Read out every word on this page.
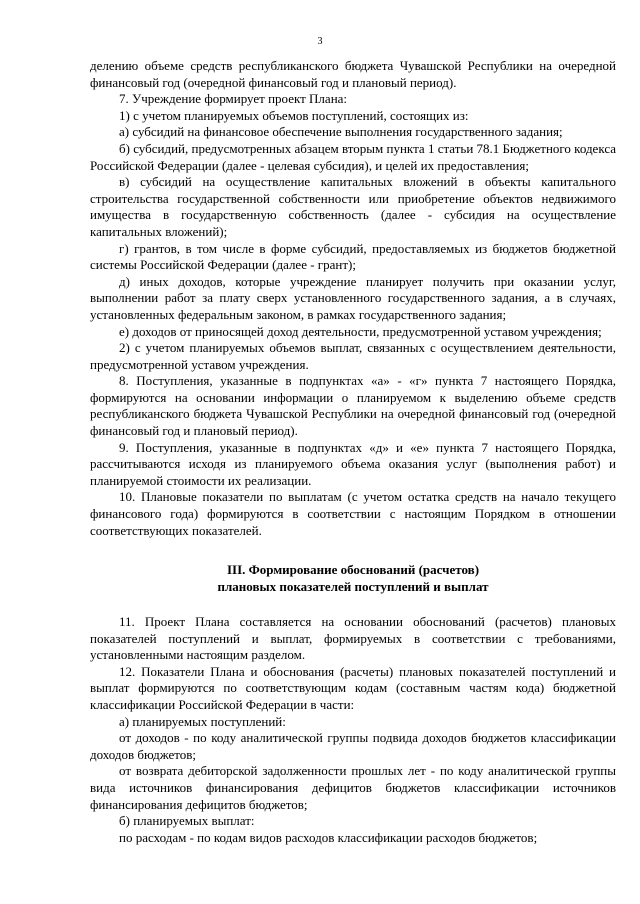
3

делению объеме средств республиканского бюджета Чувашской Республики на очередной финансовый год (очередной финансовый год и плановый период).

7. Учреждение формирует проект Плана:

1) с учетом планируемых объемов поступлений, состоящих из:

а) субсидий на финансовое обеспечение выполнения государственного задания;

б) субсидий, предусмотренных абзацем вторым пункта 1 статьи 78.1 Бюджетного кодекса Российской Федерации (далее - целевая субсидия), и целей их предоставления;

в) субсидий на осуществление капитальных вложений в объекты капитального строительства государственной собственности или приобретение объектов недвижимого имущества в государственную собственность (далее - субсидия на осуществление капитальных вложений);

г) грантов, в том числе в форме субсидий, предоставляемых из бюджетов бюджетной системы Российской Федерации (далее - грант);

д) иных доходов, которые учреждение планирует получить при оказании услуг, выполнении работ за плату сверх установленного государственного задания, а в случаях, установленных федеральным законом, в рамках государственного задания;

е) доходов от приносящей доход деятельности, предусмотренной уставом учреждения;

2) с учетом планируемых объемов выплат, связанных с осуществлением деятельности, предусмотренной уставом учреждения.

8. Поступления, указанные в подпунктах «а» - «г» пункта 7 настоящего Порядка, формируются на основании информации о планируемом к выделению объеме средств республиканского бюджета Чувашской Республики на очередной финансовый год (очередной финансовый год и плановый период).

9. Поступления, указанные в подпунктах «д» и «е» пункта 7 настоящего Порядка, рассчитываются исходя из планируемого объема оказания услуг (выполнения работ) и планируемой стоимости их реализации.

10. Плановые показатели по выплатам (с учетом остатка средств на начало текущего финансового года) формируются в соответствии с настоящим Порядком в отношении соответствующих показателей.

III. Формирование обоснований (расчетов)
плановых показателей поступлений и выплат

11. Проект Плана составляется на основании обоснований (расчетов) плановых показателей поступлений и выплат, формируемых в соответствии с требованиями, установленными настоящим разделом.

12. Показатели Плана и обоснования (расчеты) плановых показателей поступлений и выплат формируются по соответствующим кодам (составным частям кода) бюджетной классификации Российской Федерации в части:

а) планируемых поступлений:

от доходов - по коду аналитической группы подвида доходов бюджетов классификации доходов бюджетов;

от возврата дебиторской задолженности прошлых лет - по коду аналитической группы вида источников финансирования дефицитов бюджетов классификации источников финансирования дефицитов бюджетов;

б) планируемых выплат:

по расходам - по кодам видов расходов классификации расходов бюджетов;
